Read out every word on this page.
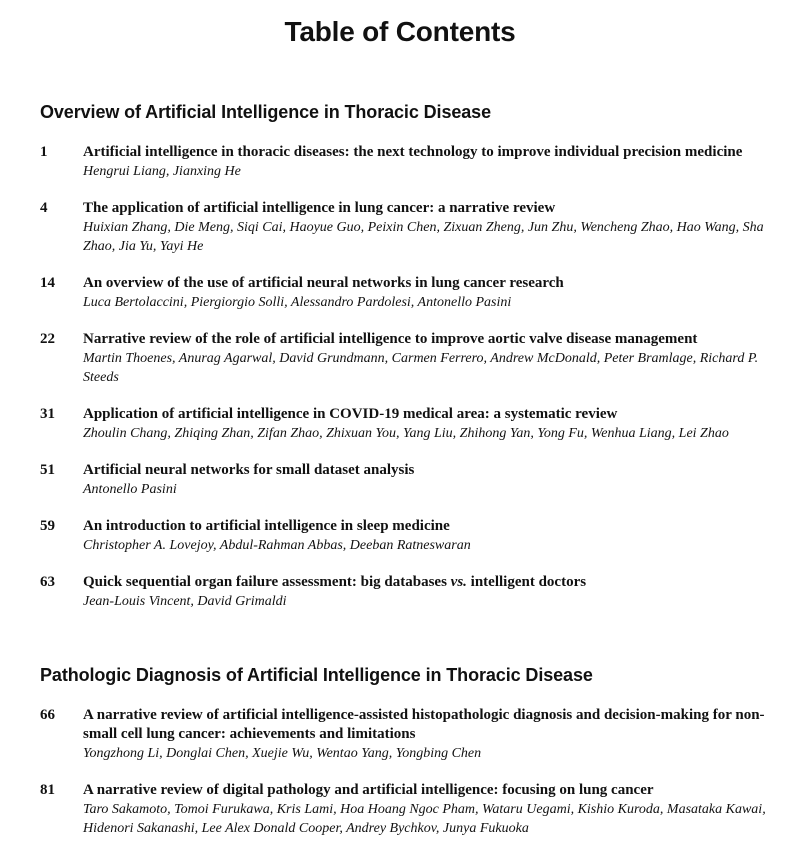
Table of Contents
Overview of Artificial Intelligence in Thoracic Disease
1 Artificial intelligence in thoracic diseases: the next technology to improve individual precision medicine
Hengrui Liang, Jianxing He
4 The application of artificial intelligence in lung cancer: a narrative review
Huixian Zhang, Die Meng, Siqi Cai, Haoyue Guo, Peixin Chen, Zixuan Zheng, Jun Zhu, Wencheng Zhao, Hao Wang, Sha Zhao, Jia Yu, Yayi He
14 An overview of the use of artificial neural networks in lung cancer research
Luca Bertolaccini, Piergiorgio Solli, Alessandro Pardolesi, Antonello Pasini
22 Narrative review of the role of artificial intelligence to improve aortic valve disease management
Martin Thoenes, Anurag Agarwal, David Grundmann, Carmen Ferrero, Andrew McDonald, Peter Bramlage, Richard P. Steeds
31 Application of artificial intelligence in COVID-19 medical area: a systematic review
Zhoulin Chang, Zhiqing Zhan, Zifan Zhao, Zhixuan You, Yang Liu, Zhihong Yan, Yong Fu, Wenhua Liang, Lei Zhao
51 Artificial neural networks for small dataset analysis
Antonello Pasini
59 An introduction to artificial intelligence in sleep medicine
Christopher A. Lovejoy, Abdul-Rahman Abbas, Deeban Ratneswaran
63 Quick sequential organ failure assessment: big databases vs. intelligent doctors
Jean-Louis Vincent, David Grimaldi
Pathologic Diagnosis of Artificial Intelligence in Thoracic Disease
66 A narrative review of artificial intelligence-assisted histopathologic diagnosis and decision-making for non-small cell lung cancer: achievements and limitations
Yongzhong Li, Donglai Chen, Xuejie Wu, Wentao Yang, Yongbing Chen
81 A narrative review of digital pathology and artificial intelligence: focusing on lung cancer
Taro Sakamoto, Tomoi Furukawa, Kris Lami, Hoa Hoang Ngoc Pham, Wataru Uegami, Kishio Kuroda, Masataka Kawai, Hidenori Sakanashi, Lee Alex Donald Cooper, Andrey Bychkov, Junya Fukuoka
